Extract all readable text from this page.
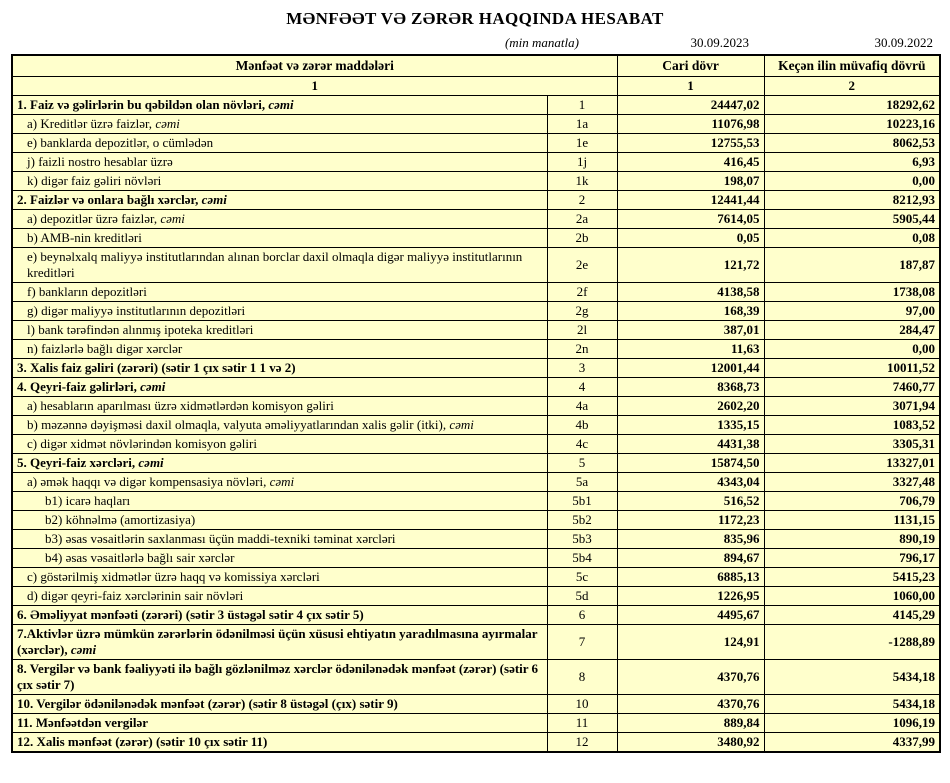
MƏNFƏƏT VƏ ZƏRƏR HAQQINDA HESABAT
(min manatla)	30.09.2023	30.09.2022
Mənfəət və zərər maddələri		Cari dövr	Keçən ilin müvafiq dövrü
1		1	2
1. Faiz və gəlirlərin bu qəbildən olan növləri, cəmi	1	24447,02	18292,62
a) Kreditlər üzrə faizlər, cəmi	1a	11076,98	10223,16
e) banklarda depozitlər, o cümlədən	1e	12755,53	8062,53
j) faizli nostro hesablar üzrə	1j	416,45	6,93
k) digər faiz gəliri növləri	1k	198,07	0,00
2. Faizlər və onlara bağlı xərclər, cəmi	2	12441,44	8212,93
a) depozitlər üzrə faizlər, cəmi	2a	7614,05	5905,44
b) AMB-nin kreditləri	2b	0,05	0,08
e) beynəlxalq maliyyə institutlarından alınan borclar daxil olmaqla digər maliyyə institutlarının kreditləri	2e	121,72	187,87
f) bankların depozitləri	2f	4138,58	1738,08
g) digər maliyyə institutlarının depozitləri	2g	168,39	97,00
l) bank tərəfindən alınmış ipoteka kreditləri	2l	387,01	284,47
n) faizlərlə bağlı digər xərclər	2n	11,63	0,00
3. Xalis faiz gəliri (zərəri) (sətir 1 çıx sətir 1 1 və 2)	3	12001,44	10011,52
4. Qeyri-faiz gəlirləri, cəmi	4	8368,73	7460,77
a) hesabların aparılması üzrə xidmətlərdən komisyon gəliri	4a	2602,20	3071,94
b) məzənnə dəyişməsi daxil olmaqla, valyuta əməliyyatlarından xalis gəlir (itki), cəmi	4b	1335,15	1083,52
c) digər xidmət növlərindən komisyon gəliri	4c	4431,38	3305,31
5. Qeyri-faiz xərcləri, cəmi	5	15874,50	13327,01
a) əmək haqqı və digər kompensasiya növləri, cəmi	5a	4343,04	3327,48
b1) icarə haqları	5b1	516,52	706,79
b2) köhnəlmə (amortizasiya)	5b2	1172,23	1131,15
b3) əsas vəsaitlərin saxlanması üçün maddi-texniki təminat xərcləri	5b3	835,96	890,19
b4) əsas vəsaitlərlə bağlı sair xərclər	5b4	894,67	796,17
c) göstərilmiş xidmətlər üzrə haqq və komissiya xərcləri	5c	6885,13	5415,23
d) digər qeyri-faiz xərclərinin sair növləri	5d	1226,95	1060,00
6. Əməliyyat mənfəəti (zərəri) (sətir 3 üstəgəl sətir 4 çıx sətir 5)	6	4495,67	4145,29
7.Aktivlər üzrə mümkün zərərlərin ödənilməsi üçün xüsusi ehtiyatın yaradılmasına ayırmalar (xərclər), cəmi	7	124,91	-1288,89
8. Vergilər və bank fəaliyyəti ilə bağlı gözlənilməz xərclər ödənilənədək mənfəət (zərər) (sətir 6 çıx sətir 7)	8	4370,76	5434,18
10. Vergilər ödənilənədək mənfəət (zərər) (sətir 8 üstəgəl (çıx) sətir 9)	10	4370,76	5434,18
11. Mənfəətdən vergilər	11	889,84	1096,19
12. Xalis mənfəət (zərər) (sətir 10 çıx sətir 11)	12	3480,92	4337,99
